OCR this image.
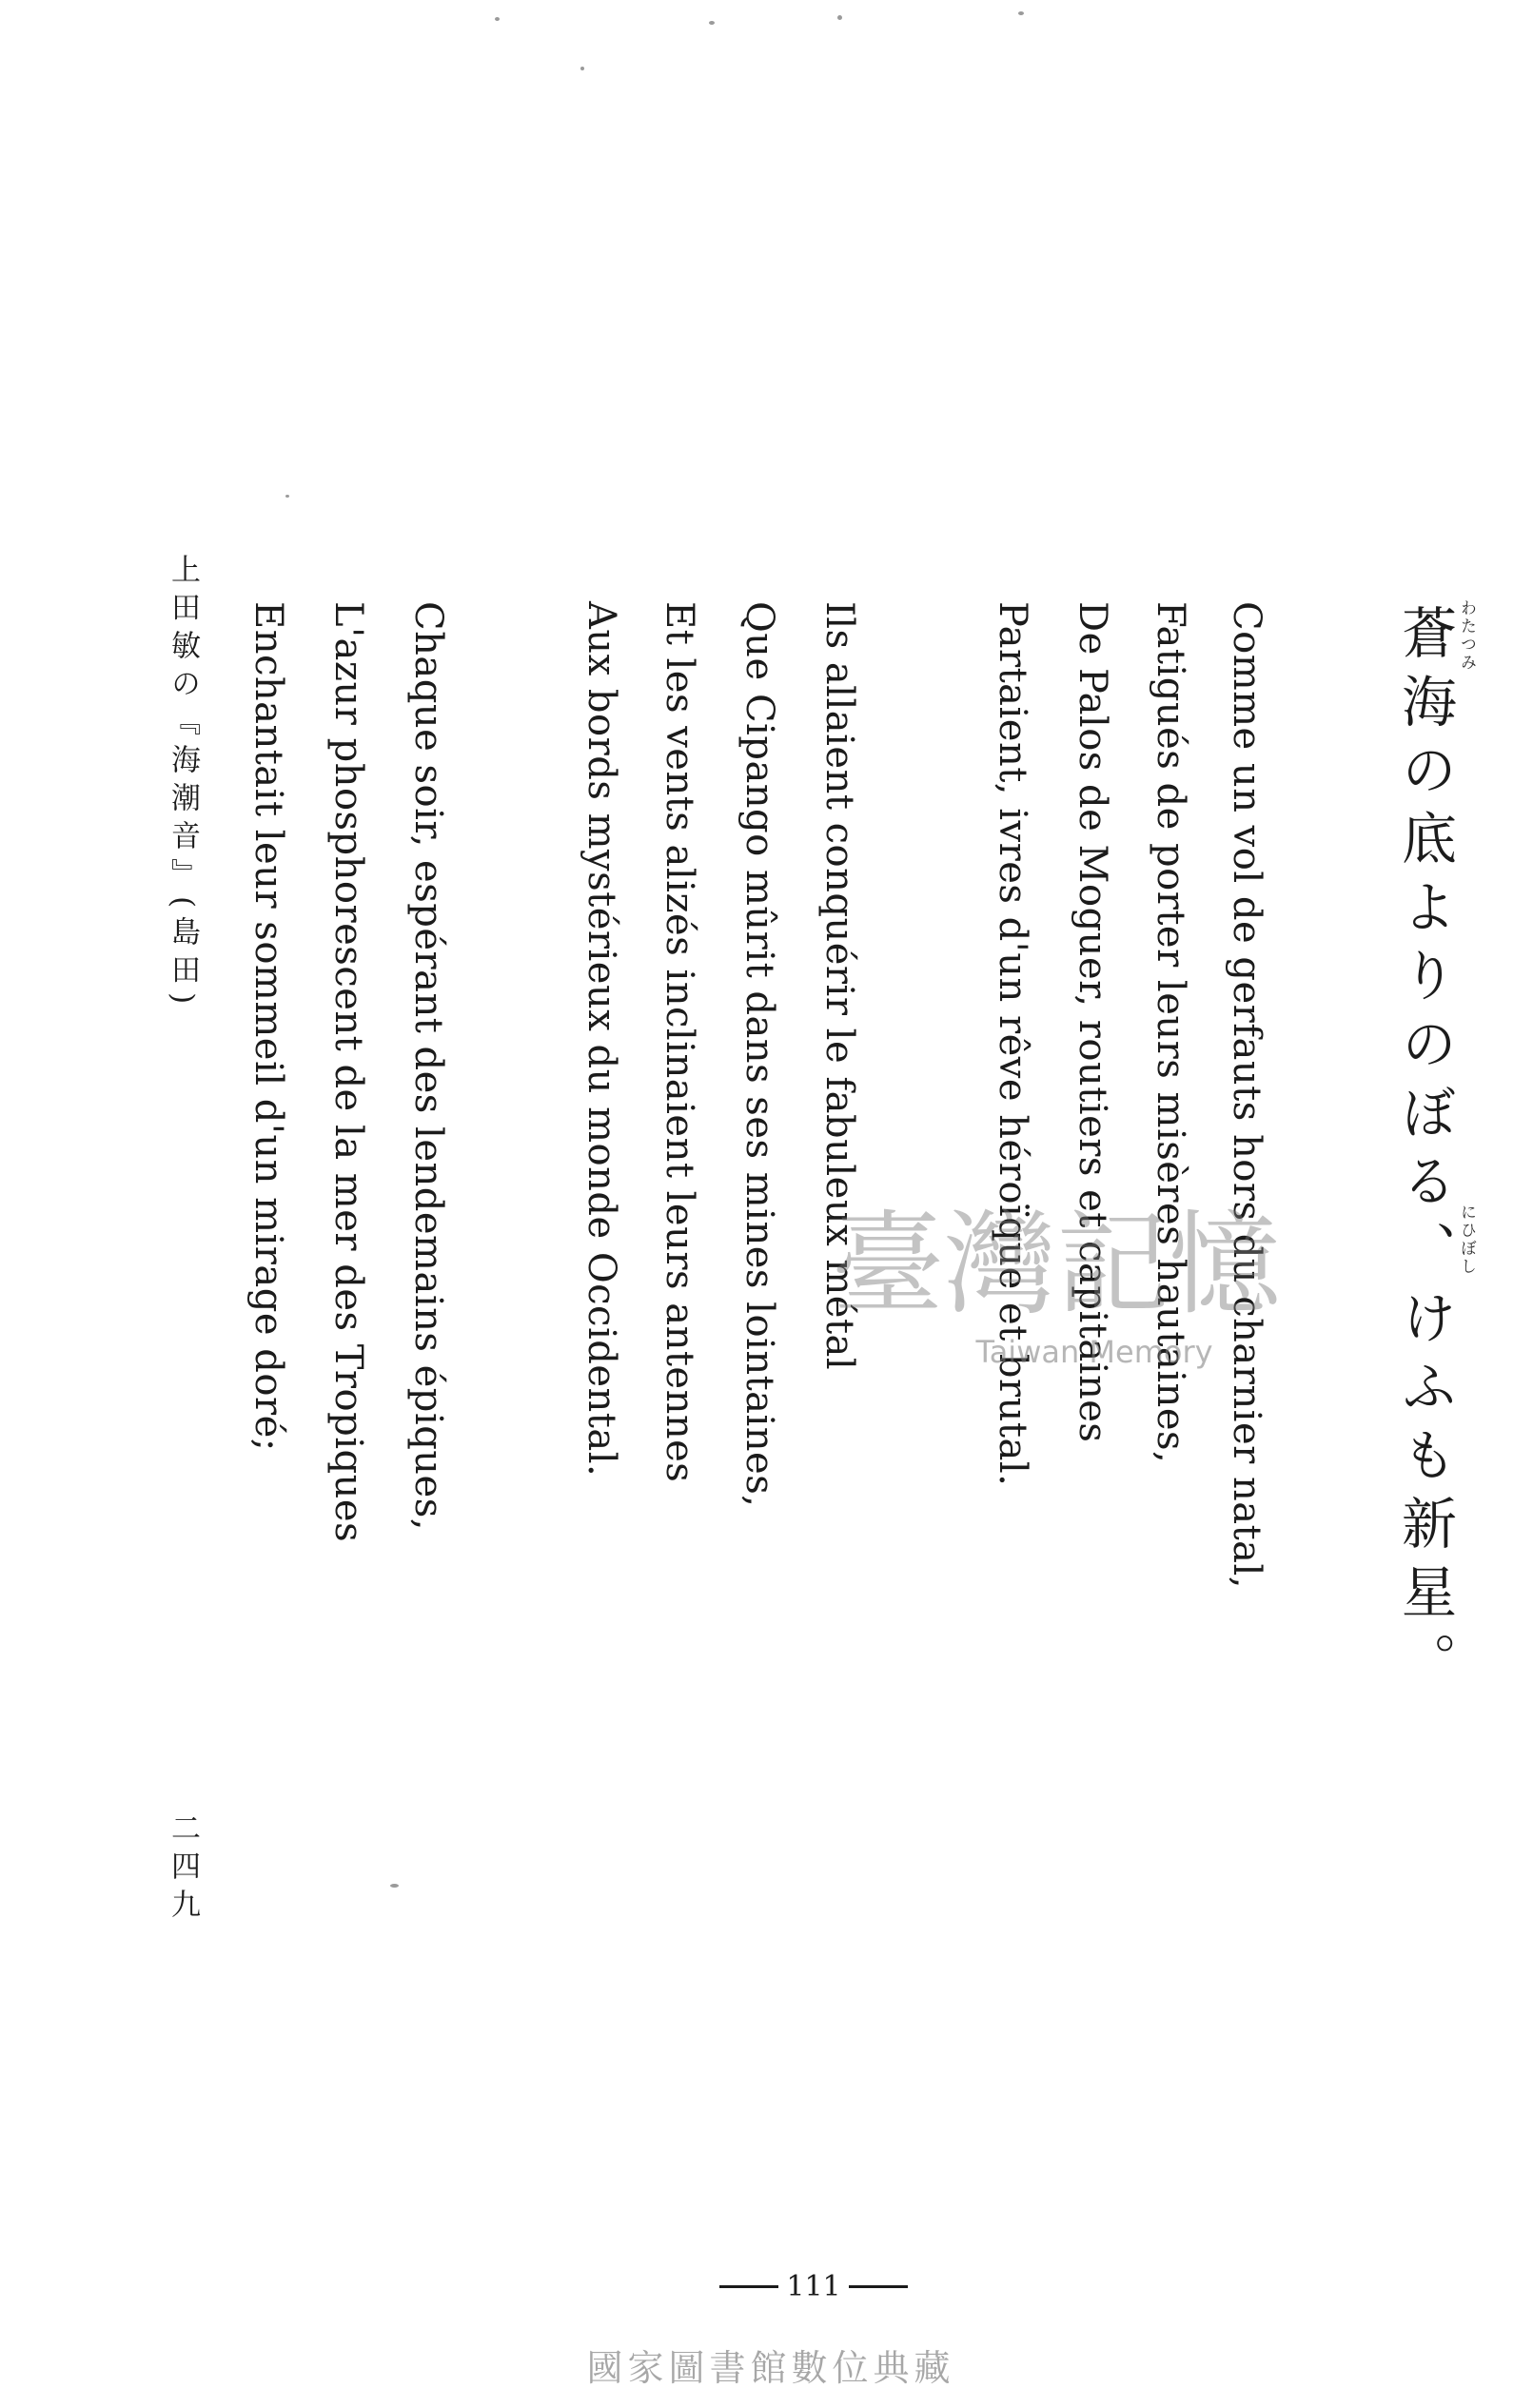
蒼海の底よりのぼる、けふも新星。 わたつみ
にひぼし
Comme un vol de gerfauts hors du charnier natal,
Fatigués de porter leurs misères hautaines,
De Palos de Moguer, routiers et capitaines
Partaient, ivres d'un rêve héroïque et brutal.
Ils allaient conquérir le fabuleux métal
Que Cipango mûrit dans ses mines lointaines,
Et les vents alizés inclinaient leurs antennes
Aux bords mystérieux du monde Occidental.
Chaque soir, espérant des lendemains épiques,
L'azur phosphorescent de la mer des Tropiques
Enchantait leur sommeil d'un mirage doré;
上田敏の『海潮音』(島田)
二四九
111
國家圖書館數位典藏
臺灣記憶
Taiwan Memory
